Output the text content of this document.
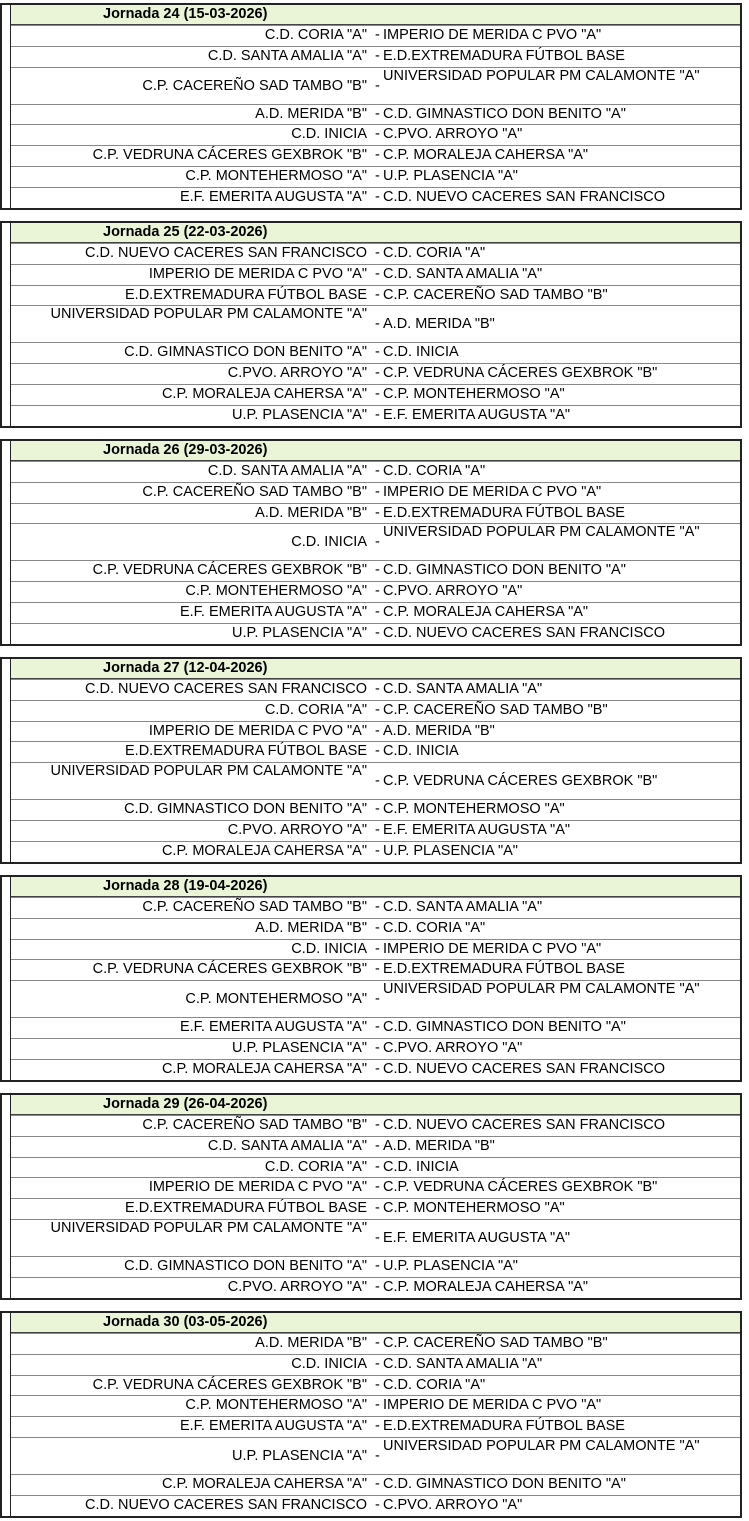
Jornada 24 (15-03-2026)
C.D. CORIA "A" - IMPERIO DE MERIDA C PVO "A"
C.D. SANTA AMALIA "A" - E.D.EXTREMADURA FÚTBOL BASE
C.P. CACEREÑO SAD TAMBO "B" -
UNIVERSIDAD POPULAR PM CALAMONTE "A"
A.D. MERIDA "B" - C.D. GIMNASTICO DON BENITO "A"
C.D. INICIA - C.PVO. ARROYO "A"
C.P. VEDRUNA CÁCERES GEXBROK "B" - C.P. MORALEJA CAHERSA "A"
C.P. MONTEHERMOSO "A" - U.P. PLASENCIA "A"
E.F. EMERITA AUGUSTA "A" - C.D. NUEVO CACERES SAN FRANCISCO
Jornada 25 (22-03-2026)
C.D. NUEVO CACERES SAN FRANCISCO - C.D. CORIA "A"
IMPERIO DE MERIDA C PVO "A" - C.D. SANTA AMALIA "A"
E.D.EXTREMADURA FÚTBOL BASE - C.P. CACEREÑO SAD TAMBO "B"
UNIVERSIDAD POPULAR PM CALAMONTE "A"
- A.D. MERIDA "B"
C.D. GIMNASTICO DON BENITO "A" - C.D. INICIA
C.PVO. ARROYO "A" - C.P. VEDRUNA CÁCERES GEXBROK "B"
C.P. MORALEJA CAHERSA "A" - C.P. MONTEHERMOSO "A"
U.P. PLASENCIA "A" - E.F. EMERITA AUGUSTA "A"
Jornada 26 (29-03-2026)
C.D. SANTA AMALIA "A" - C.D. CORIA "A"
C.P. CACEREÑO SAD TAMBO "B" - IMPERIO DE MERIDA C PVO "A"
A.D. MERIDA "B" - E.D.EXTREMADURA FÚTBOL BASE
C.D. INICIA -
UNIVERSIDAD POPULAR PM CALAMONTE "A"
C.P. VEDRUNA CÁCERES GEXBROK "B" - C.D. GIMNASTICO DON BENITO "A"
C.P. MONTEHERMOSO "A" - C.PVO. ARROYO "A"
E.F. EMERITA AUGUSTA "A" - C.P. MORALEJA CAHERSA "A"
U.P. PLASENCIA "A" - C.D. NUEVO CACERES SAN FRANCISCO
Jornada 27 (12-04-2026)
C.D. NUEVO CACERES SAN FRANCISCO - C.D. SANTA AMALIA "A"
C.D. CORIA "A" - C.P. CACEREÑO SAD TAMBO "B"
IMPERIO DE MERIDA C PVO "A" - A.D. MERIDA "B"
E.D.EXTREMADURA FÚTBOL BASE - C.D. INICIA
UNIVERSIDAD POPULAR PM CALAMONTE "A"
- C.P. VEDRUNA CÁCERES GEXBROK "B"
C.D. GIMNASTICO DON BENITO "A" - C.P. MONTEHERMOSO "A"
C.PVO. ARROYO "A" - E.F. EMERITA AUGUSTA "A"
C.P. MORALEJA CAHERSA "A" - U.P. PLASENCIA "A"
Jornada 28 (19-04-2026)
C.P. CACEREÑO SAD TAMBO "B" - C.D. SANTA AMALIA "A"
A.D. MERIDA "B" - C.D. CORIA "A"
C.D. INICIA - IMPERIO DE MERIDA C PVO "A"
C.P. VEDRUNA CÁCERES GEXBROK "B" - E.D.EXTREMADURA FÚTBOL BASE
C.P. MONTEHERMOSO "A" -
UNIVERSIDAD POPULAR PM CALAMONTE "A"
E.F. EMERITA AUGUSTA "A" - C.D. GIMNASTICO DON BENITO "A"
U.P. PLASENCIA "A" - C.PVO. ARROYO "A"
C.P. MORALEJA CAHERSA "A" - C.D. NUEVO CACERES SAN FRANCISCO
Jornada 29 (26-04-2026)
C.P. CACEREÑO SAD TAMBO "B" - C.D. NUEVO CACERES SAN FRANCISCO
C.D. SANTA AMALIA "A" - A.D. MERIDA "B"
C.D. CORIA "A" - C.D. INICIA
IMPERIO DE MERIDA C PVO "A" - C.P. VEDRUNA CÁCERES GEXBROK "B"
E.D.EXTREMADURA FÚTBOL BASE - C.P. MONTEHERMOSO "A"
UNIVERSIDAD POPULAR PM CALAMONTE "A"
- E.F. EMERITA AUGUSTA "A"
C.D. GIMNASTICO DON BENITO "A" - U.P. PLASENCIA "A"
C.PVO. ARROYO "A" - C.P. MORALEJA CAHERSA "A"
Jornada 30 (03-05-2026)
A.D. MERIDA "B" - C.P. CACEREÑO SAD TAMBO "B"
C.D. INICIA - C.D. SANTA AMALIA "A"
C.P. VEDRUNA CÁCERES GEXBROK "B" - C.D. CORIA "A"
C.P. MONTEHERMOSO "A" - IMPERIO DE MERIDA C PVO "A"
E.F. EMERITA AUGUSTA "A" - E.D.EXTREMADURA FÚTBOL BASE
U.P. PLASENCIA "A" -
UNIVERSIDAD POPULAR PM CALAMONTE "A"
C.P. MORALEJA CAHERSA "A" - C.D. GIMNASTICO DON BENITO "A"
C.D. NUEVO CACERES SAN FRANCISCO - C.PVO. ARROYO "A"
